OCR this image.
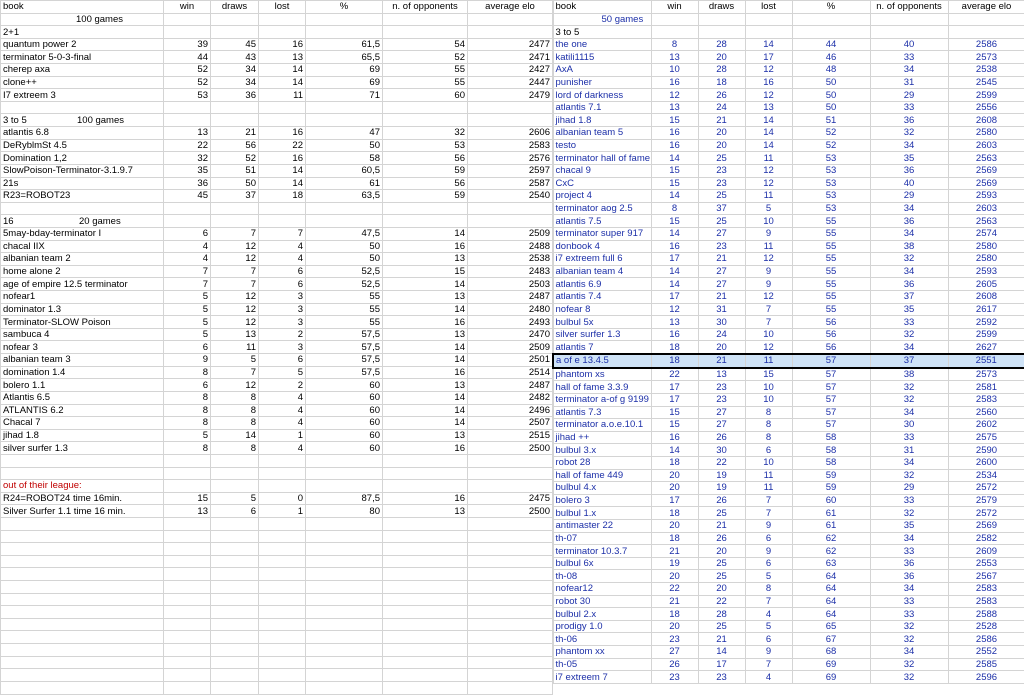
book	win	draws	lost	%	n. of opponents	average elo
100 games						
2+1						
quantum power 2	39	45	16	61,5	54	2477
terminator 5-0-3-final	44	43	13	65,5	52	2471
cherep axa	52	34	14	69	55	2427
clone++	52	34	14	69	55	2447
I7 extreem 3	53	36	11	71	60	2479

3 to 5 100 games						

atlantis 6.8	13	21	16	47	32	2606
DeRyblmSt 4.5	22	56	22	50	53	2583
Domination 1,2	32	52	16	58	56	2576
SlowPoison-Terminator-3.1.9.7	35	51	14	60,5	59	2597
21s	36	50	14	61	56	2587
R23=ROBOT23	45	37	18	63,5	59	2540

16 20 games						

5may-bday-terminator I	6	7	7	47,5	14	2509
chacal IIX	4	12	4	50	16	2488
albanian team 2	4	12	4	50	13	2538
home alone 2	7	7	6	52,5	15	2483
age of empire 12.5 terminator	7	7	6	52,5	14	2503
nofear1	5	12	3	55	13	2487
dominator 1.3	5	12	3	55	14	2480
Terminator-SLOW Poison	5	12	3	55	16	2493
sambuca 4	5	13	2	57,5	13	2470
nofear 3	6	11	3	57,5	14	2509
albanian team 3	9	5	6	57,5	14	2501
domination 1.4	8	7	5	57,5	16	2514
bolero 1.1	6	12	2	60	13	2487
Atlantis 6.5	8	8	4	60	14	2482
ATLANTIS 6.2	8	8	4	60	14	2496
Chacal 7	8	8	4	60	14	2507
jihad 1.8	5	14	1	60	13	2515
silver surfer 1.3	8	8	4	60	16	2500

out of their league:						
R24=ROBOT24 time 16min.	15	5	0	87,5	16	2475
Silver Surfer 1.1 time 16 min.	13	6	1	80	13	2500

book	win	draws	lost	%	n. of opponents	average elo
50 games						
3 to 5						
the one	8	28	14	44	40	2586
katili1115	13	20	17	46	33	2573
AxA	10	28	12	48	34	2538
punisher	16	18	16	50	31	2545
lord of darkness	12	26	12	50	29	2599
atlantis 7.1	13	24	13	50	33	2556
jihad 1.8	15	21	14	51	36	2608
albanian team 5	16	20	14	52	32	2580
testo	16	20	14	52	34	2603
terminator hall of fame	14	25	11	53	35	2563
chacal 9	15	23	12	53	36	2569
CxC	15	23	12	53	40	2569
project 4	14	25	11	53	29	2593
terminator aog 2.5	8	37	5	53	34	2603
atlantis 7.5	15	25	10	55	36	2563
terminator super 917	14	27	9	55	34	2574
donbook 4	16	23	11	55	38	2580
i7 extreem full 6	17	21	12	55	32	2580
albanian team 4	14	27	9	55	34	2593
atlantis 6.9	14	27	9	55	36	2605
atlantis 7.4	17	21	12	55	37	2608
nofear 8	12	31	7	55	35	2617
bulbul 5x	13	30	7	56	33	2592
silver surfer 1.3	16	24	10	56	32	2599
atlantis 7	18	20	12	56	34	2627
a of e 13.4.5	18	21	11	57	37	2551
phantom xs	22	13	15	57	38	2573
hall of fame 3.3.9	17	23	10	57	32	2581
terminator a-of g 9199	17	23	10	57	32	2583
atlantis 7.3	15	27	8	57	34	2560
terminator a.o.e.10.1	15	27	8	57	30	2602
jihad ++	16	26	8	58	33	2575
bulbul 3.x	14	30	6	58	31	2590
robot 28	18	22	10	58	34	2600
hall of fame 449	20	19	11	59	32	2534
bulbul 4.x	20	19	11	59	29	2572
bolero 3	17	26	7	60	33	2579
bulbul 1.x	18	25	7	61	32	2572
antimaster 22	20	21	9	61	35	2569
th-07	18	26	6	62	34	2582
terminator 10.3.7	21	20	9	62	33	2609
bulbul 6x	19	25	6	63	36	2553
th-08	20	25	5	64	36	2567
nofear12	22	20	8	64	34	2583
robot 30	21	22	7	64	33	2583
bulbul 2.x	18	28	4	64	33	2588
prodigy 1.0	20	25	5	65	32	2528
th-06	23	21	6	67	32	2586
phantom xx	27	14	9	68	34	2552
th-05	26	17	7	69	32	2585
i7 extreem 7	23	23	4	69	32	2596
